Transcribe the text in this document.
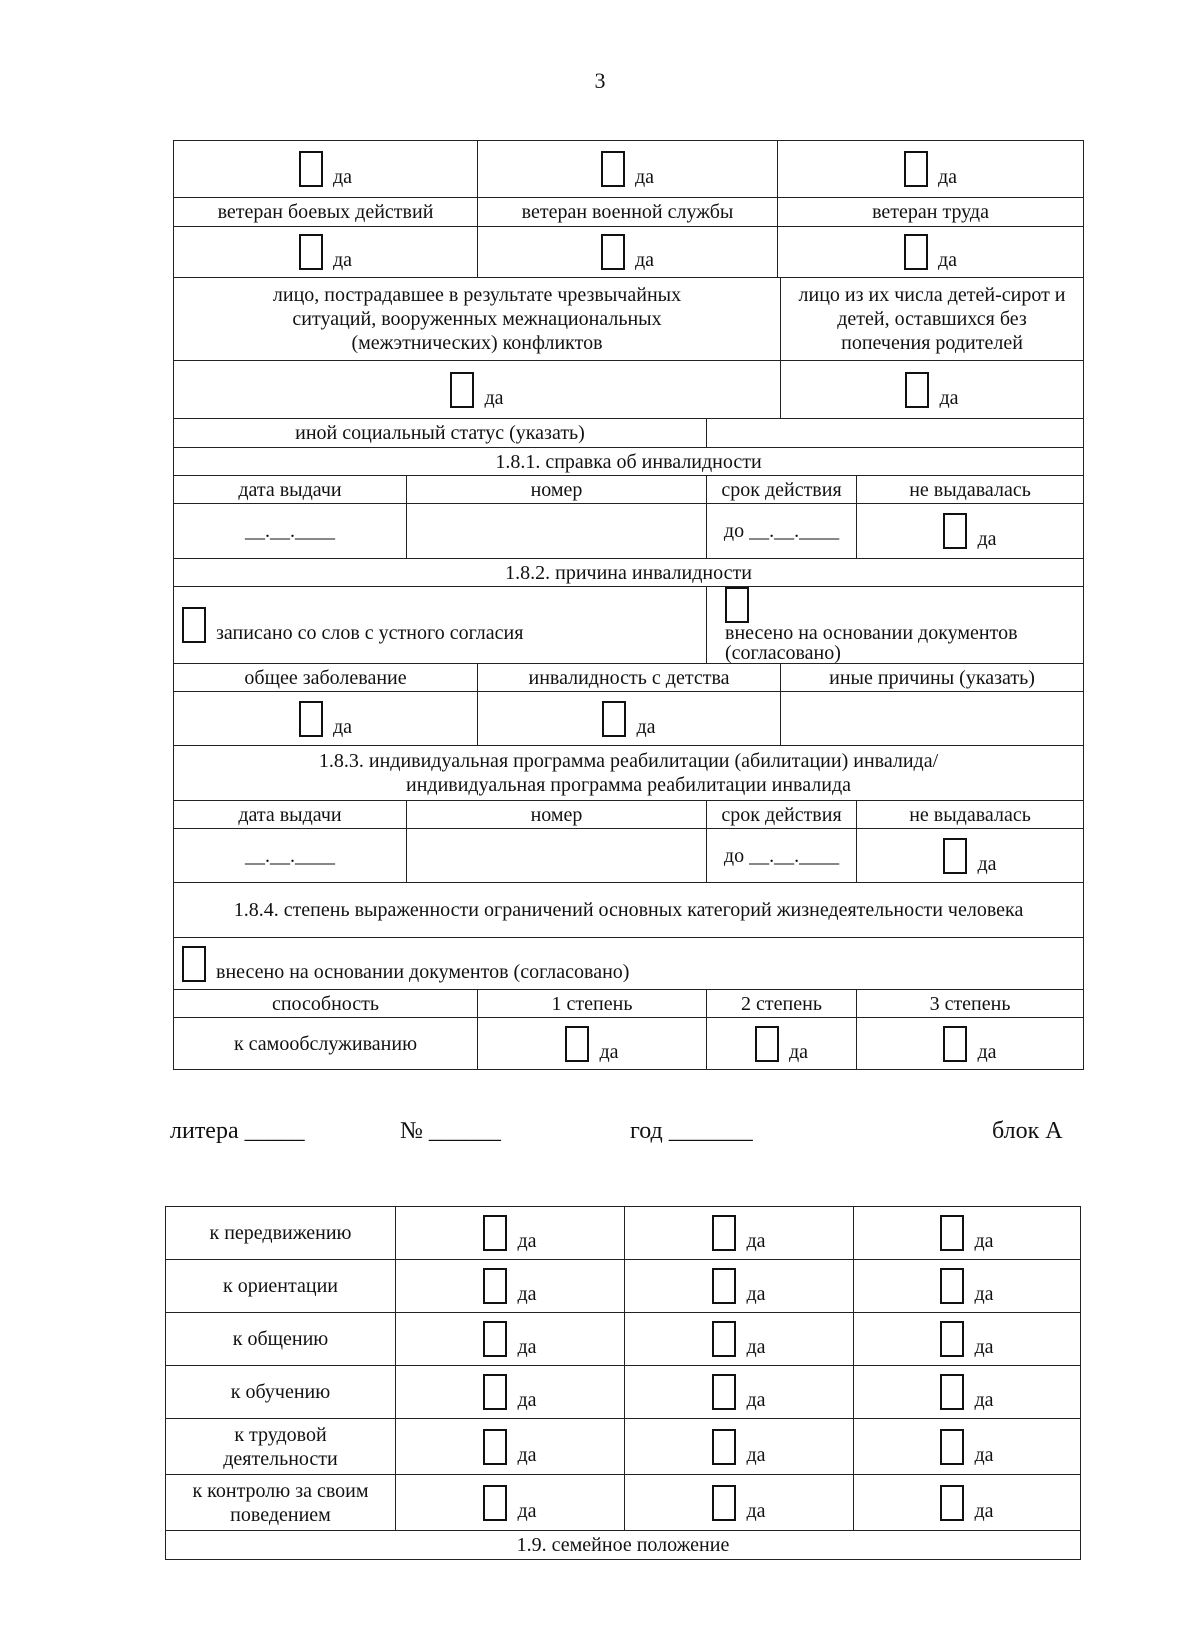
3
да		да		да		
ветеран боевых действий		ветеран военной службы		ветеран труда		
да		да		да		
лицо, пострадавшее в результате чрезвычайных ситуаций, вооруженных межнациональных (межэтнических) конфликтов					лицо из их числа детей-сирот и детей, оставшихся без попечения родителей	
да					да	
иной социальный статус (указать)						
1.8.1. справка об инвалидности						
дата выдачи	номер		срок действия			не выдавалась
__.__.____			до __.__.____			да
1.8.2. причина инвалидности						
записано со слов с устного согласия			внесено на основании документов (согласовано)			
общее заболевание		инвалидность с детства			иные причины (указать)	
да		да				
1.8.3. индивидуальная программа реабилитации (абилитации) инвалида/индивидуальная программа реабилитации инвалида						
дата выдачи	номер		срок действия			не выдавалась
__.__.____			до __.__.____			да
1.8.4. степень выраженности ограничений основных категорий жизнедеятельности человека						
внесено на основании документов (согласовано)						
способность		1 степень	2 степень			3 степень
к самообслуживанию		да	да			да
литера _____	№ ______	год _______	блок А
к передвижению	да	да	да
к ориентации	да	да	да
к общению	да	да	да
к обучению	да	да	да
к трудовой деятельности	да	да	да
к контролю за своим поведением	да	да	да
1.9. семейное положение			
